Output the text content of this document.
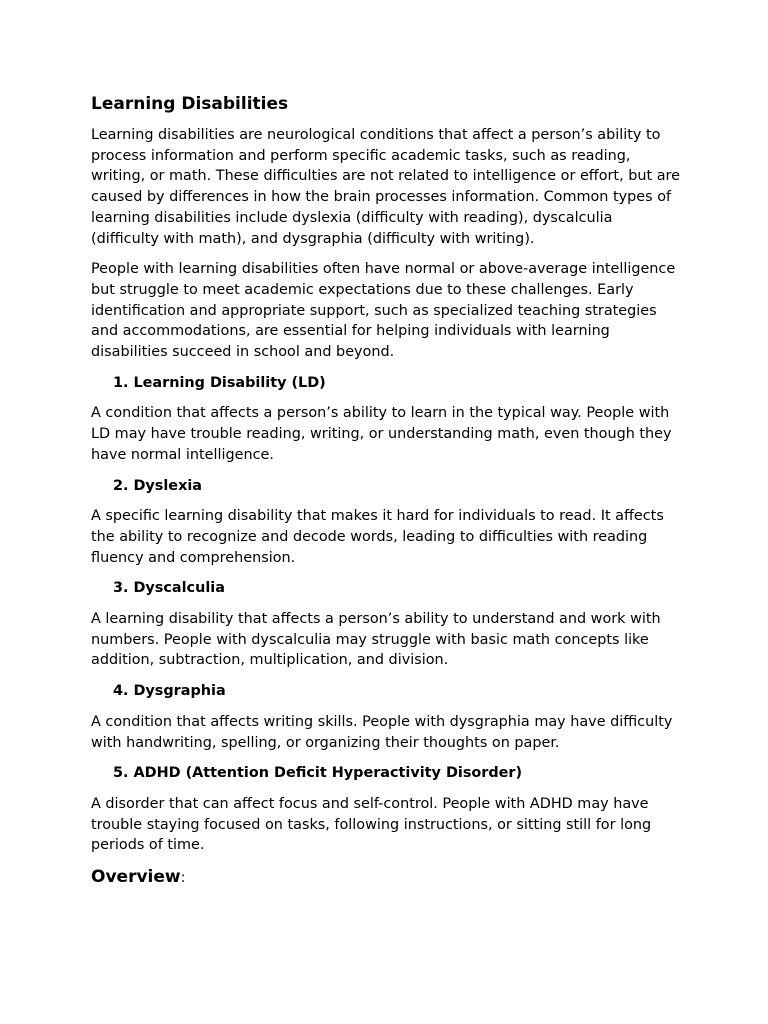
Learning Disabilities

Learning disabilities are neurological conditions that affect a person’s ability to process information and perform specific academic tasks, such as reading, writing, or math. These difficulties are not related to intelligence or effort, but are caused by differences in how the brain processes information. Common types of learning disabilities include dyslexia (difficulty with reading), dyscalculia (difficulty with math), and dysgraphia (difficulty with writing).

People with learning disabilities often have normal or above-average intelligence but struggle to meet academic expectations due to these challenges. Early identification and appropriate support, such as specialized teaching strategies and accommodations, are essential for helping individuals with learning disabilities succeed in school and beyond.

1. Learning Disability (LD)

A condition that affects a person’s ability to learn in the typical way. People with LD may have trouble reading, writing, or understanding math, even though they have normal intelligence.

2. Dyslexia

A specific learning disability that makes it hard for individuals to read. It affects the ability to recognize and decode words, leading to difficulties with reading fluency and comprehension.

3. Dyscalculia

A learning disability that affects a person’s ability to understand and work with numbers. People with dyscalculia may struggle with basic math concepts like addition, subtraction, multiplication, and division.

4. Dysgraphia

A condition that affects writing skills. People with dysgraphia may have difficulty with handwriting, spelling, or organizing their thoughts on paper.

5. ADHD (Attention Deficit Hyperactivity Disorder)

A disorder that can affect focus and self-control. People with ADHD may have trouble staying focused on tasks, following instructions, or sitting still for long periods of time.

Overview:
